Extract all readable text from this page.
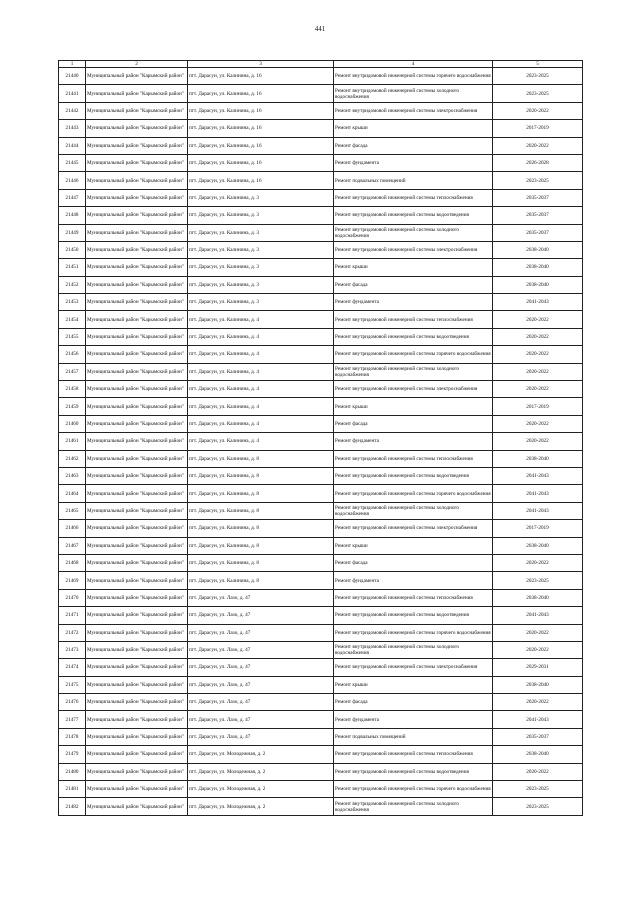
441
1	2	3	4	5
21440	Муниципальный район "Карымский район"	пгт. Дарасун, ул. Калинина, д. 16	Ремонт внутридомовой инженерной системы горячего водоснабжения	2023-2025
21441	Муниципальный район "Карымский район"	пгт. Дарасун, ул. Калинина, д. 16	Ремонт внутридомовой инженерной системы холодного водоснабжения	2023-2025
21442	Муниципальный район "Карымский район"	пгт. Дарасун, ул. Калинина, д. 16	Ремонт внутридомовой инженерной системы электроснабжения	2020-2022
21443	Муниципальный район "Карымский район"	пгт. Дарасун, ул. Калинина, д. 16	Ремонт крыши	2017-2019
21444	Муниципальный район "Карымский район"	пгт. Дарасун, ул. Калинина, д. 16	Ремонт фасада	2020-2022
21445	Муниципальный район "Карымский район"	пгт. Дарасун, ул. Калинина, д. 16	Ремонт фундамента	2026-2028
21446	Муниципальный район "Карымский район"	пгт. Дарасун, ул. Калинина, д. 16	Ремонт подвальных помещений	2023-2025
21447	Муниципальный район "Карымский район"	пгт. Дарасун, ул. Калинина, д. 3	Ремонт внутридомовой инженерной системы теплоснабжения	2035-2037
21448	Муниципальный район "Карымский район"	пгт. Дарасун, ул. Калинина, д. 3	Ремонт внутридомовой инженерной системы водоотведения	2035-2037
21449	Муниципальный район "Карымский район"	пгт. Дарасун, ул. Калинина, д. 3	Ремонт внутридомовой инженерной системы холодного водоснабжения	2035-2037
21450	Муниципальный район "Карымский район"	пгт. Дарасун, ул. Калинина, д. 3	Ремонт внутридомовой инженерной системы электроснабжения	2038-2040
21451	Муниципальный район "Карымский район"	пгт. Дарасун, ул. Калинина, д. 3	Ремонт крыши	2038-2040
21452	Муниципальный район "Карымский район"	пгт. Дарасун, ул. Калинина, д. 3	Ремонт фасада	2038-2040
21453	Муниципальный район "Карымский район"	пгт. Дарасун, ул. Калинина, д. 3	Ремонт фундамента	2041-2043
21454	Муниципальный район "Карымский район"	пгт. Дарасун, ул. Калинина, д. 4	Ремонт внутридомовой инженерной системы теплоснабжения	2020-2022
21455	Муниципальный район "Карымский район"	пгт. Дарасун, ул. Калинина, д. 4	Ремонт внутридомовой инженерной системы водоотведения	2020-2022
21456	Муниципальный район "Карымский район"	пгт. Дарасун, ул. Калинина, д. 4	Ремонт внутридомовой инженерной системы горячего водоснабжения	2020-2022
21457	Муниципальный район "Карымский район"	пгт. Дарасун, ул. Калинина, д. 4	Ремонт внутридомовой инженерной системы холодного водоснабжения	2020-2022
21458	Муниципальный район "Карымский район"	пгт. Дарасун, ул. Калинина, д. 4	Ремонт внутридомовой инженерной системы электроснабжения	2020-2022
21459	Муниципальный район "Карымский район"	пгт. Дарасун, ул. Калинина, д. 4	Ремонт крыши	2017-2019
21460	Муниципальный район "Карымский район"	пгт. Дарасун, ул. Калинина, д. 4	Ремонт фасада	2020-2022
21461	Муниципальный район "Карымский район"	пгт. Дарасун, ул. Калинина, д. 4	Ремонт фундамента	2020-2022
21462	Муниципальный район "Карымский район"	пгт. Дарасун, ул. Калинина, д. 8	Ремонт внутридомовой инженерной системы теплоснабжения	2038-2040
21463	Муниципальный район "Карымский район"	пгт. Дарасун, ул. Калинина, д. 8	Ремонт внутридомовой инженерной системы водоотведения	2041-2043
21464	Муниципальный район "Карымский район"	пгт. Дарасун, ул. Калинина, д. 8	Ремонт внутридомовой инженерной системы горячего водоснабжения	2041-2043
21465	Муниципальный район "Карымский район"	пгт. Дарасун, ул. Калинина, д. 8	Ремонт внутридомовой инженерной системы холодного водоснабжения	2041-2043
21466	Муниципальный район "Карымский район"	пгт. Дарасун, ул. Калинина, д. 8	Ремонт внутридомовой инженерной системы электроснабжения	2017-2019
21467	Муниципальный район "Карымский район"	пгт. Дарасун, ул. Калинина, д. 8	Ремонт крыши	2038-2040
21468	Муниципальный район "Карымский район"	пгт. Дарасун, ул. Калинина, д. 8	Ремонт фасада	2020-2022
21469	Муниципальный район "Карымский район"	пгт. Дарасун, ул. Калинина, д. 8	Ремонт фундамента	2023-2025
21470	Муниципальный район "Карымский район"	пгт. Дарасун, ул. Лазо, д. 47	Ремонт внутридомовой инженерной системы теплоснабжения	2038-2040
21471	Муниципальный район "Карымский район"	пгт. Дарасун, ул. Лазо, д. 47	Ремонт внутридомовой инженерной системы водоотведения	2041-2043
21472	Муниципальный район "Карымский район"	пгт. Дарасун, ул. Лазо, д. 47	Ремонт внутридомовой инженерной системы горячего водоснабжения	2020-2022
21473	Муниципальный район "Карымский район"	пгт. Дарасун, ул. Лазо, д. 47	Ремонт внутридомовой инженерной системы холодного водоснабжения	2020-2022
21474	Муниципальный район "Карымский район"	пгт. Дарасун, ул. Лазо, д. 47	Ремонт внутридомовой инженерной системы электроснабжения	2029-2031
21475	Муниципальный район "Карымский район"	пгт. Дарасун, ул. Лазо, д. 47	Ремонт крыши	2038-2040
21476	Муниципальный район "Карымский район"	пгт. Дарасун, ул. Лазо, д. 47	Ремонт фасада	2020-2022
21477	Муниципальный район "Карымский район"	пгт. Дарасун, ул. Лазо, д. 47	Ремонт фундамента	2041-2043
21478	Муниципальный район "Карымский район"	пгт. Дарасун, ул. Лазо, д. 47	Ремонт подвальных помещений	2035-2037
21479	Муниципальный район "Карымский район"	пгт. Дарасун, ул. Молодежная, д. 2	Ремонт внутридомовой инженерной системы теплоснабжения	2038-2040
21480	Муниципальный район "Карымский район"	пгт. Дарасун, ул. Молодежная, д. 2	Ремонт внутридомовой инженерной системы водоотведения	2020-2022
21481	Муниципальный район "Карымский район"	пгт. Дарасун, ул. Молодежная, д. 2	Ремонт внутридомовой инженерной системы горячего водоснабжения	2023-2025
21482	Муниципальный район "Карымский район"	пгт. Дарасун, ул. Молодежная, д. 2	Ремонт внутридомовой инженерной системы холодного водоснабжения	2023-2025
